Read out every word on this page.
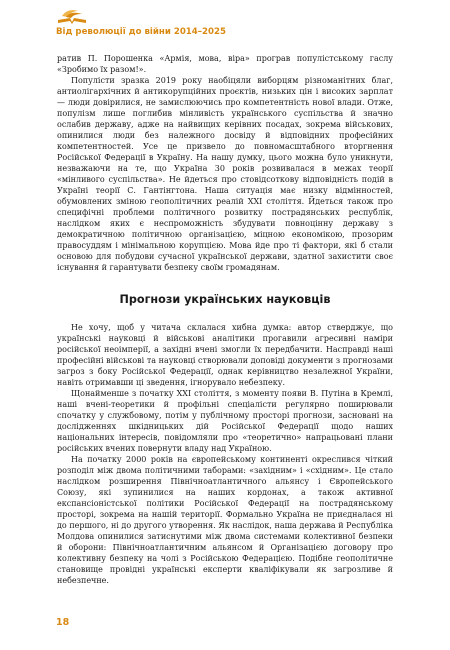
Від революції до війни 2014–2025

ратив П. Порошенка «Армія, мова, віра» програв популістському гаслу «Зробимо їх разом!».

Популісти зразка 2019 року наобіцяли виборцям різноманітних благ, антиолігархічних й антикорупційних проєктів, низьких цін і високих зарплат — люди довірилися, не замислюючись про компетентність нової влади. Отже, популізм лише поглибив мінливість українського суспільства й значно ослабив державу, адже на найвищих керівних посадах, зокрема військових, опинилися люди без належного досвіду й відповідних професійних компетентностей. Усе це призвело до повномасштабного вторгнення Російської Федерації в Україну. На нашу думку, цього можна було уникнути, незважаючи на те, що Україна 30 років розвивалася в межах теорії «мінливого суспільства». Не йдеться про стовідсоткову відповідність подій в Україні теорії С. Гантінгтона. Наша ситуація має низку відмінностей, обумовлених зміною геополітичних реалій XXI століття. Йдеться також про специфічні проблеми політичного розвитку пострадянських республік, наслідком яких є неспроможність збудувати повноцінну державу з демократичною політичною організацією, міцною економікою, прозорим правосуддям і мінімальною корупцією. Мова йде про ті фактори, які б стали основою для побудови сучасної української держави, здатної захистити своє існування й гарантувати безпеку своїм громадянам.

Прогнози українських науковців

Не хочу, щоб у читача склалася хибна думка: автор стверджує, що українські науковці й військові аналітики прогавили агресивні наміри російської неоімперії, а західні вчені змогли їх передбачити. Насправді наші професійні військові та науковці створювали доповіді документи з прогнозами загроз з боку Російської Федерації, однак керівництво незалежної України, навіть отримавши ці зведення, ігнорувало небезпеку.

Щонайменше з початку XXI століття, з моменту появи В. Путіна в Кремлі, наші вчені-теоретики й профільні спеціалісти регулярно поширювали спочатку у службовому, потім у публічному просторі прогнози, засновані на дослідженнях шкідницьких дій Російської Федерації щодо наших національних інтересів, повідомляли про «теоретично» напрацьовані плани російських вчених повернути владу над Україною.

На початку 2000 років на європейському континенті окреслився чіткий розподіл між двома політичними таборами: «західним» і «східним». Це стало наслідком розширення Північноатлантичного альянсу і Європейського Союзу, які зупинилися на наших кордонах, а також активної експансіоністської політики Російської Федерації на пострадянському просторі, зокрема на нашій території. Формально Україна не приєдналася ні до першого, ні до другого утворення. Як наслідок, наша держава й Республіка Молдова опинилися затиснутими між двома системами колективної безпеки й оборони: Північноатлантичним альянсом й Організацією договору про колективну безпеку на чолі з Російською Федерацією. Подібне геополітичне становище провідні українські експерти кваліфікували як загрозливе й небезпечне.

18
